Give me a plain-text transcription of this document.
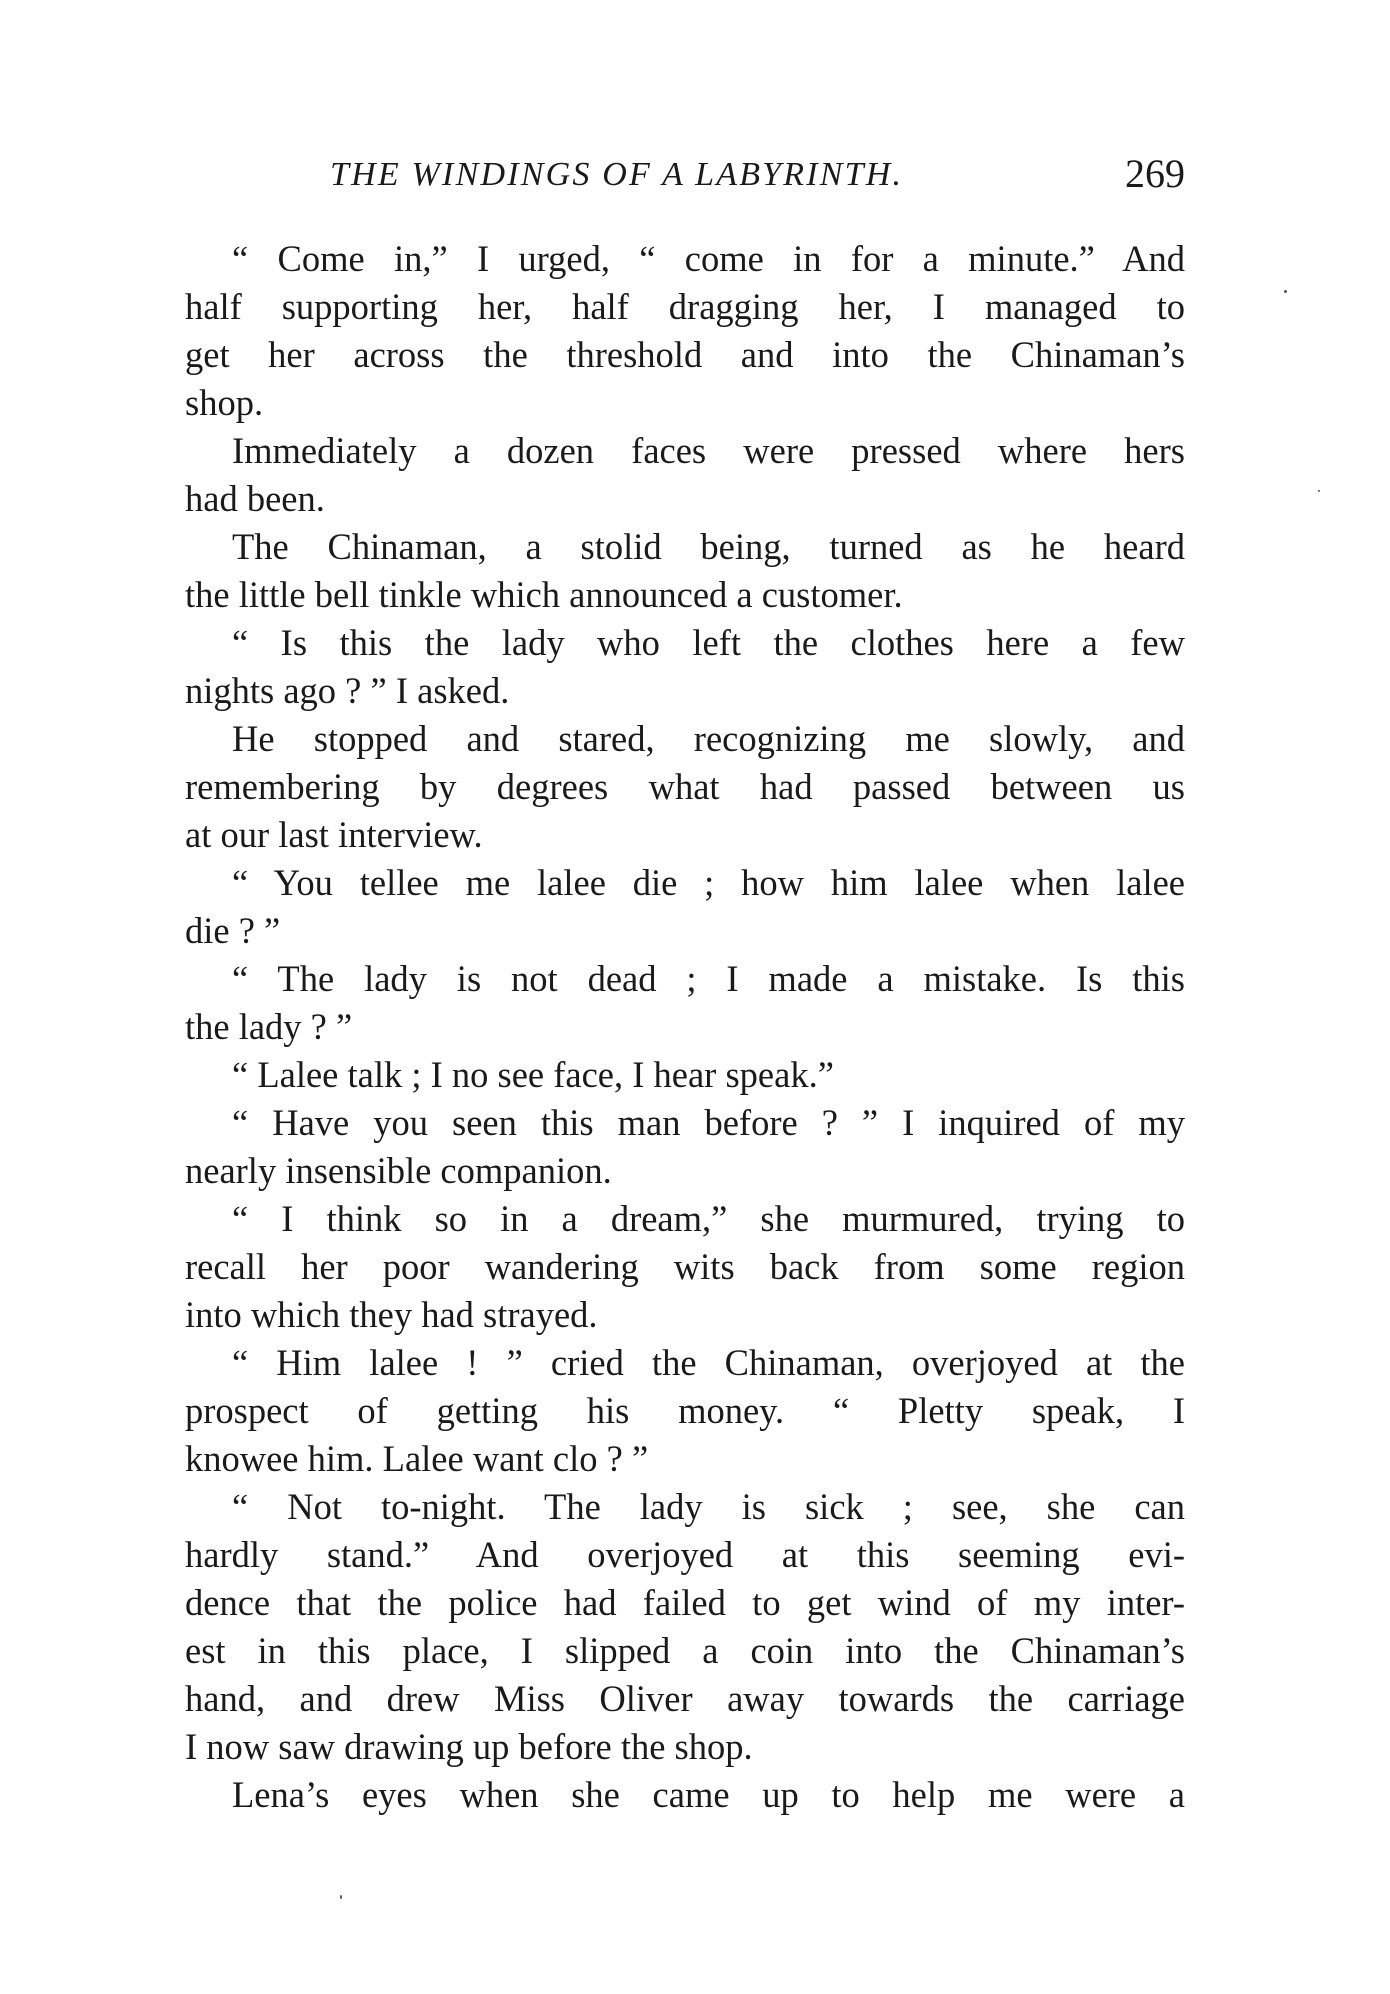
THE WINDINGS OF A LABYRINTH.	269
“ Come in,” I urged, “ come in for a minute.” And
half supporting her, half dragging her, I managed to
get her across the threshold and into the Chinaman’s
shop.
Immediately a dozen faces were pressed where hers
had been.
The Chinaman, a stolid being, turned as he heard
the little bell tinkle which announced a customer.
“ Is this the lady who left the clothes here a few
nights ago ? ” I asked.
He stopped and stared, recognizing me slowly, and
remembering by degrees what had passed between us
at our last interview.
“ You tellee me lalee die ; how him lalee when lalee
die ? ”
“ The lady is not dead ; I made a mistake. Is this
the lady ? ”
“ Lalee talk ; I no see face, I hear speak.”
“ Have you seen this man before ? ” I inquired of my
nearly insensible companion.
“ I think so in a dream,” she murmured, trying to
recall her poor wandering wits back from some region
into which they had strayed.
“ Him lalee ! ” cried the Chinaman, overjoyed at the
prospect of getting his money. “ Pletty speak, I
knowee him. Lalee want clo ? ”
“ Not to-night. The lady is sick ; see, she can
hardly stand.” And overjoyed at this seeming evi-
dence that the police had failed to get wind of my inter-
est in this place, I slipped a coin into the Chinaman’s
hand, and drew Miss Oliver away towards the carriage
I now saw drawing up before the shop.
Lena’s eyes when she came up to help me were a
